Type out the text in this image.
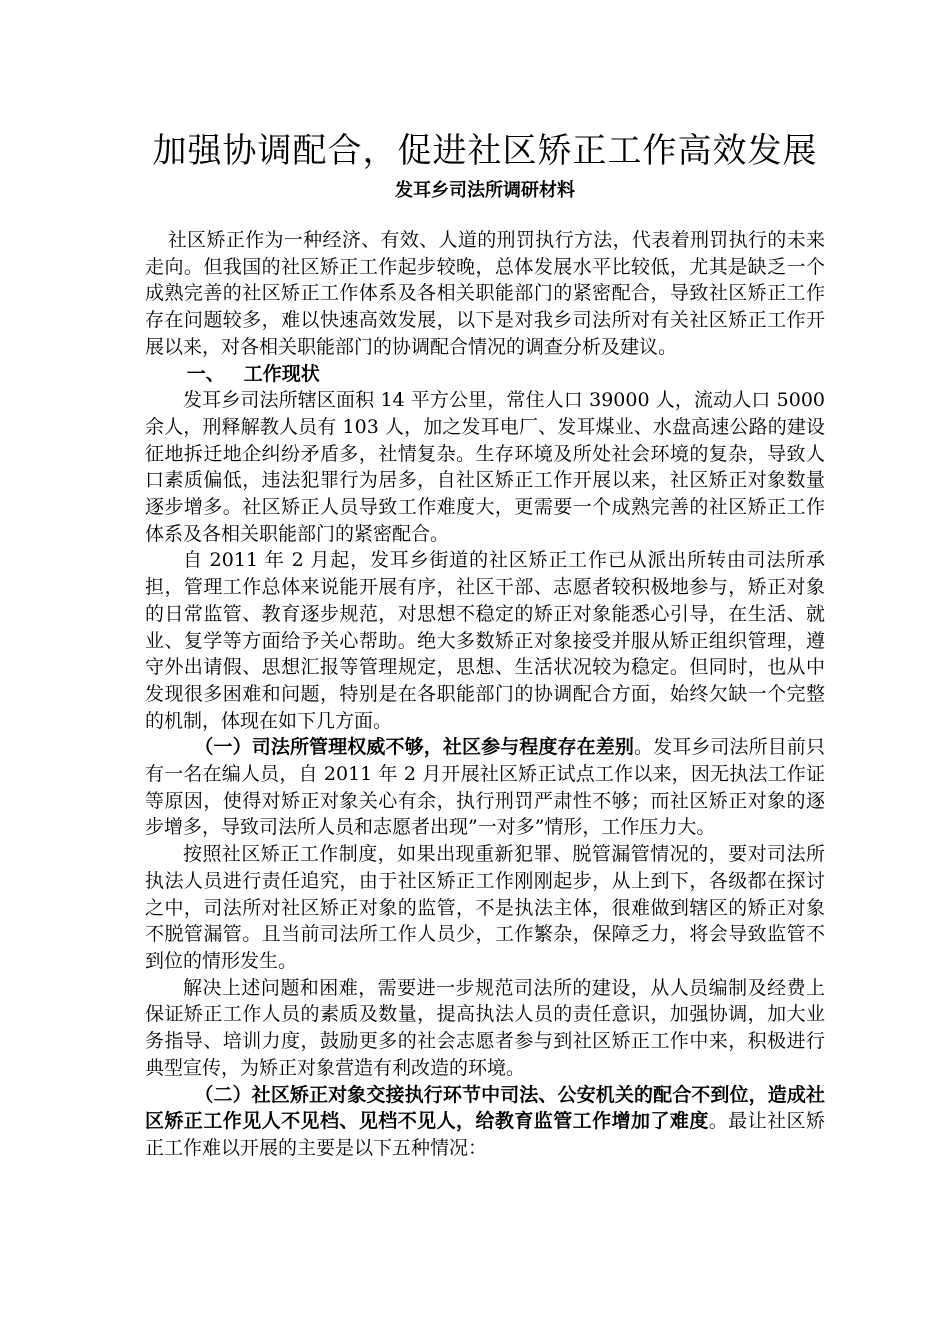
加强协调配合，促进社区矫正工作高效发展
发耳乡司法所调研材料

社区矫正作为一种经济、有效、人道的刑罚执行方法，代表着刑罚执行的未来走向。但我国的社区矫正工作起步较晚，总体发展水平比较低，尤其是缺乏一个成熟完善的社区矫正工作体系及各相关职能部门的紧密配合，导致社区矫正工作存在问题较多，难以快速高效发展，以下是对我乡司法所对有关社区矫正工作开展以来，对各相关职能部门的协调配合情况的调查分析及建议。

一、 工作现状

发耳乡司法所辖区面积 14 平方公里，常住人口 39000 人，流动人口 5000 余人，刑释解教人员有 103 人，加之发耳电厂、发耳煤业、水盘高速公路的建设征地拆迁地企纠纷矛盾多，社情复杂。生存环境及所处社会环境的复杂，导致人口素质偏低，违法犯罪行为居多，自社区矫正工作开展以来，社区矫正对象数量逐步增多。社区矫正人员导致工作难度大，更需要一个成熟完善的社区矫正工作体系及各相关职能部门的紧密配合。

自 2011 年 2 月起，发耳乡街道的社区矫正工作已从派出所转由司法所承担，管理工作总体来说能开展有序，社区干部、志愿者较积极地参与，矫正对象的日常监管、教育逐步规范，对思想不稳定的矫正对象能悉心引导，在生活、就业、复学等方面给予关心帮助。绝大多数矫正对象接受并服从矫正组织管理，遵守外出请假、思想汇报等管理规定，思想、生活状况较为稳定。但同时，也从中发现很多困难和问题，特别是在各职能部门的协调配合方面，始终欠缺一个完整的机制，体现在如下几方面。

（一）司法所管理权威不够，社区参与程度存在差别。发耳乡司法所目前只有一名在编人员，自 2011 年 2 月开展社区矫正试点工作以来，因无执法工作证等原因，使得对矫正对象关心有余，执行刑罚严肃性不够；而社区矫正对象的逐步增多，导致司法所人员和志愿者出现”一对多”情形，工作压力大。

按照社区矫正工作制度，如果出现重新犯罪、脱管漏管情况的，要对司法所执法人员进行责任追究，由于社区矫正工作刚刚起步，从上到下，各级都在探讨之中，司法所对社区矫正对象的监管，不是执法主体，很难做到辖区的矫正对象不脱管漏管。且当前司法所工作人员少，工作繁杂，保障乏力，将会导致监管不到位的情形发生。

解决上述问题和困难，需要进一步规范司法所的建设，从人员编制及经费上保证矫正工作人员的素质及数量，提高执法人员的责任意识，加强协调，加大业务指导、培训力度，鼓励更多的社会志愿者参与到社区矫正工作中来，积极进行典型宣传，为矫正对象营造有利改造的环境。

（二）社区矫正对象交接执行环节中司法、公安机关的配合不到位，造成社区矫正工作见人不见档、见档不见人，给教育监管工作增加了难度。最让社区矫正工作难以开展的主要是以下五种情况：
